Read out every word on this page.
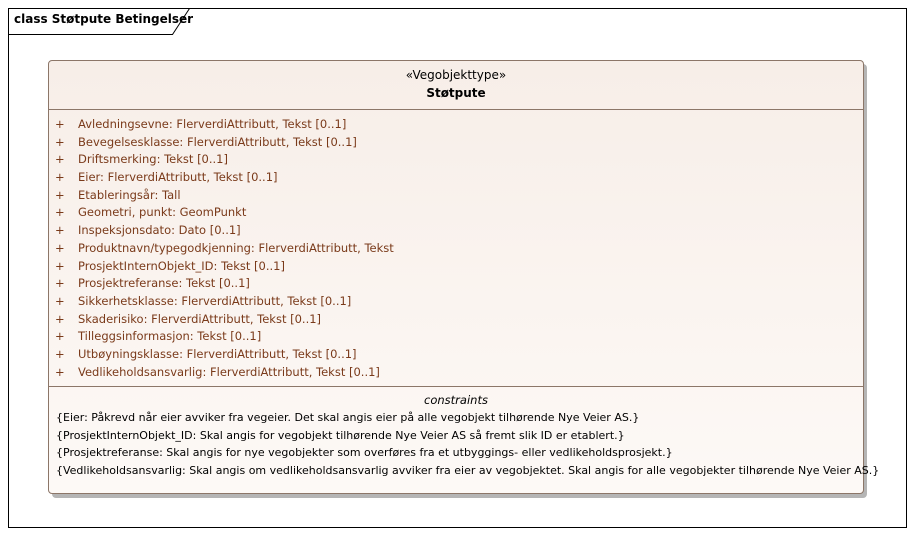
class Støtpute Betingelser
«Vegobjekttype»
Støtpute
+ Avledningsevne: FlerverdiAttributt, Tekst [0..1]
+ Bevegelsesklasse: FlerverdiAttributt, Tekst [0..1]
+ Driftsmerking: Tekst [0..1]
+ Eier: FlerverdiAttributt, Tekst [0..1]
+ Etableringsår: Tall
+ Geometri, punkt: GeomPunkt
+ Inspeksjonsdato: Dato [0..1]
+ Produktnavn/typegodkjenning: FlerverdiAttributt, Tekst
+ ProsjektInternObjekt_ID: Tekst [0..1]
+ Prosjektreferanse: Tekst [0..1]
+ Sikkerhetsklasse: FlerverdiAttributt, Tekst [0..1]
+ Skaderisiko: FlerverdiAttributt, Tekst [0..1]
+ Tilleggsinformasjon: Tekst [0..1]
+ Utbøyningsklasse: FlerverdiAttributt, Tekst [0..1]
+ Vedlikeholdsansvarlig: FlerverdiAttributt, Tekst [0..1]
constraints
{Eier: Påkrevd når eier avviker fra vegeier. Det skal angis eier på alle vegobjekt tilhørende Nye Veier AS.}
{ProsjektInternObjekt_ID: Skal angis for vegobjekt tilhørende Nye Veier AS så fremt slik ID er etablert.}
{Prosjektreferanse: Skal angis for nye vegobjekter som overføres fra et utbyggings- eller vedlikeholdsprosjekt.}
{Vedlikeholdsansvarlig: Skal angis om vedlikeholdsansvarlig avviker fra eier av vegobjektet. Skal angis for alle vegobjekter tilhørende Nye Veier AS.}
